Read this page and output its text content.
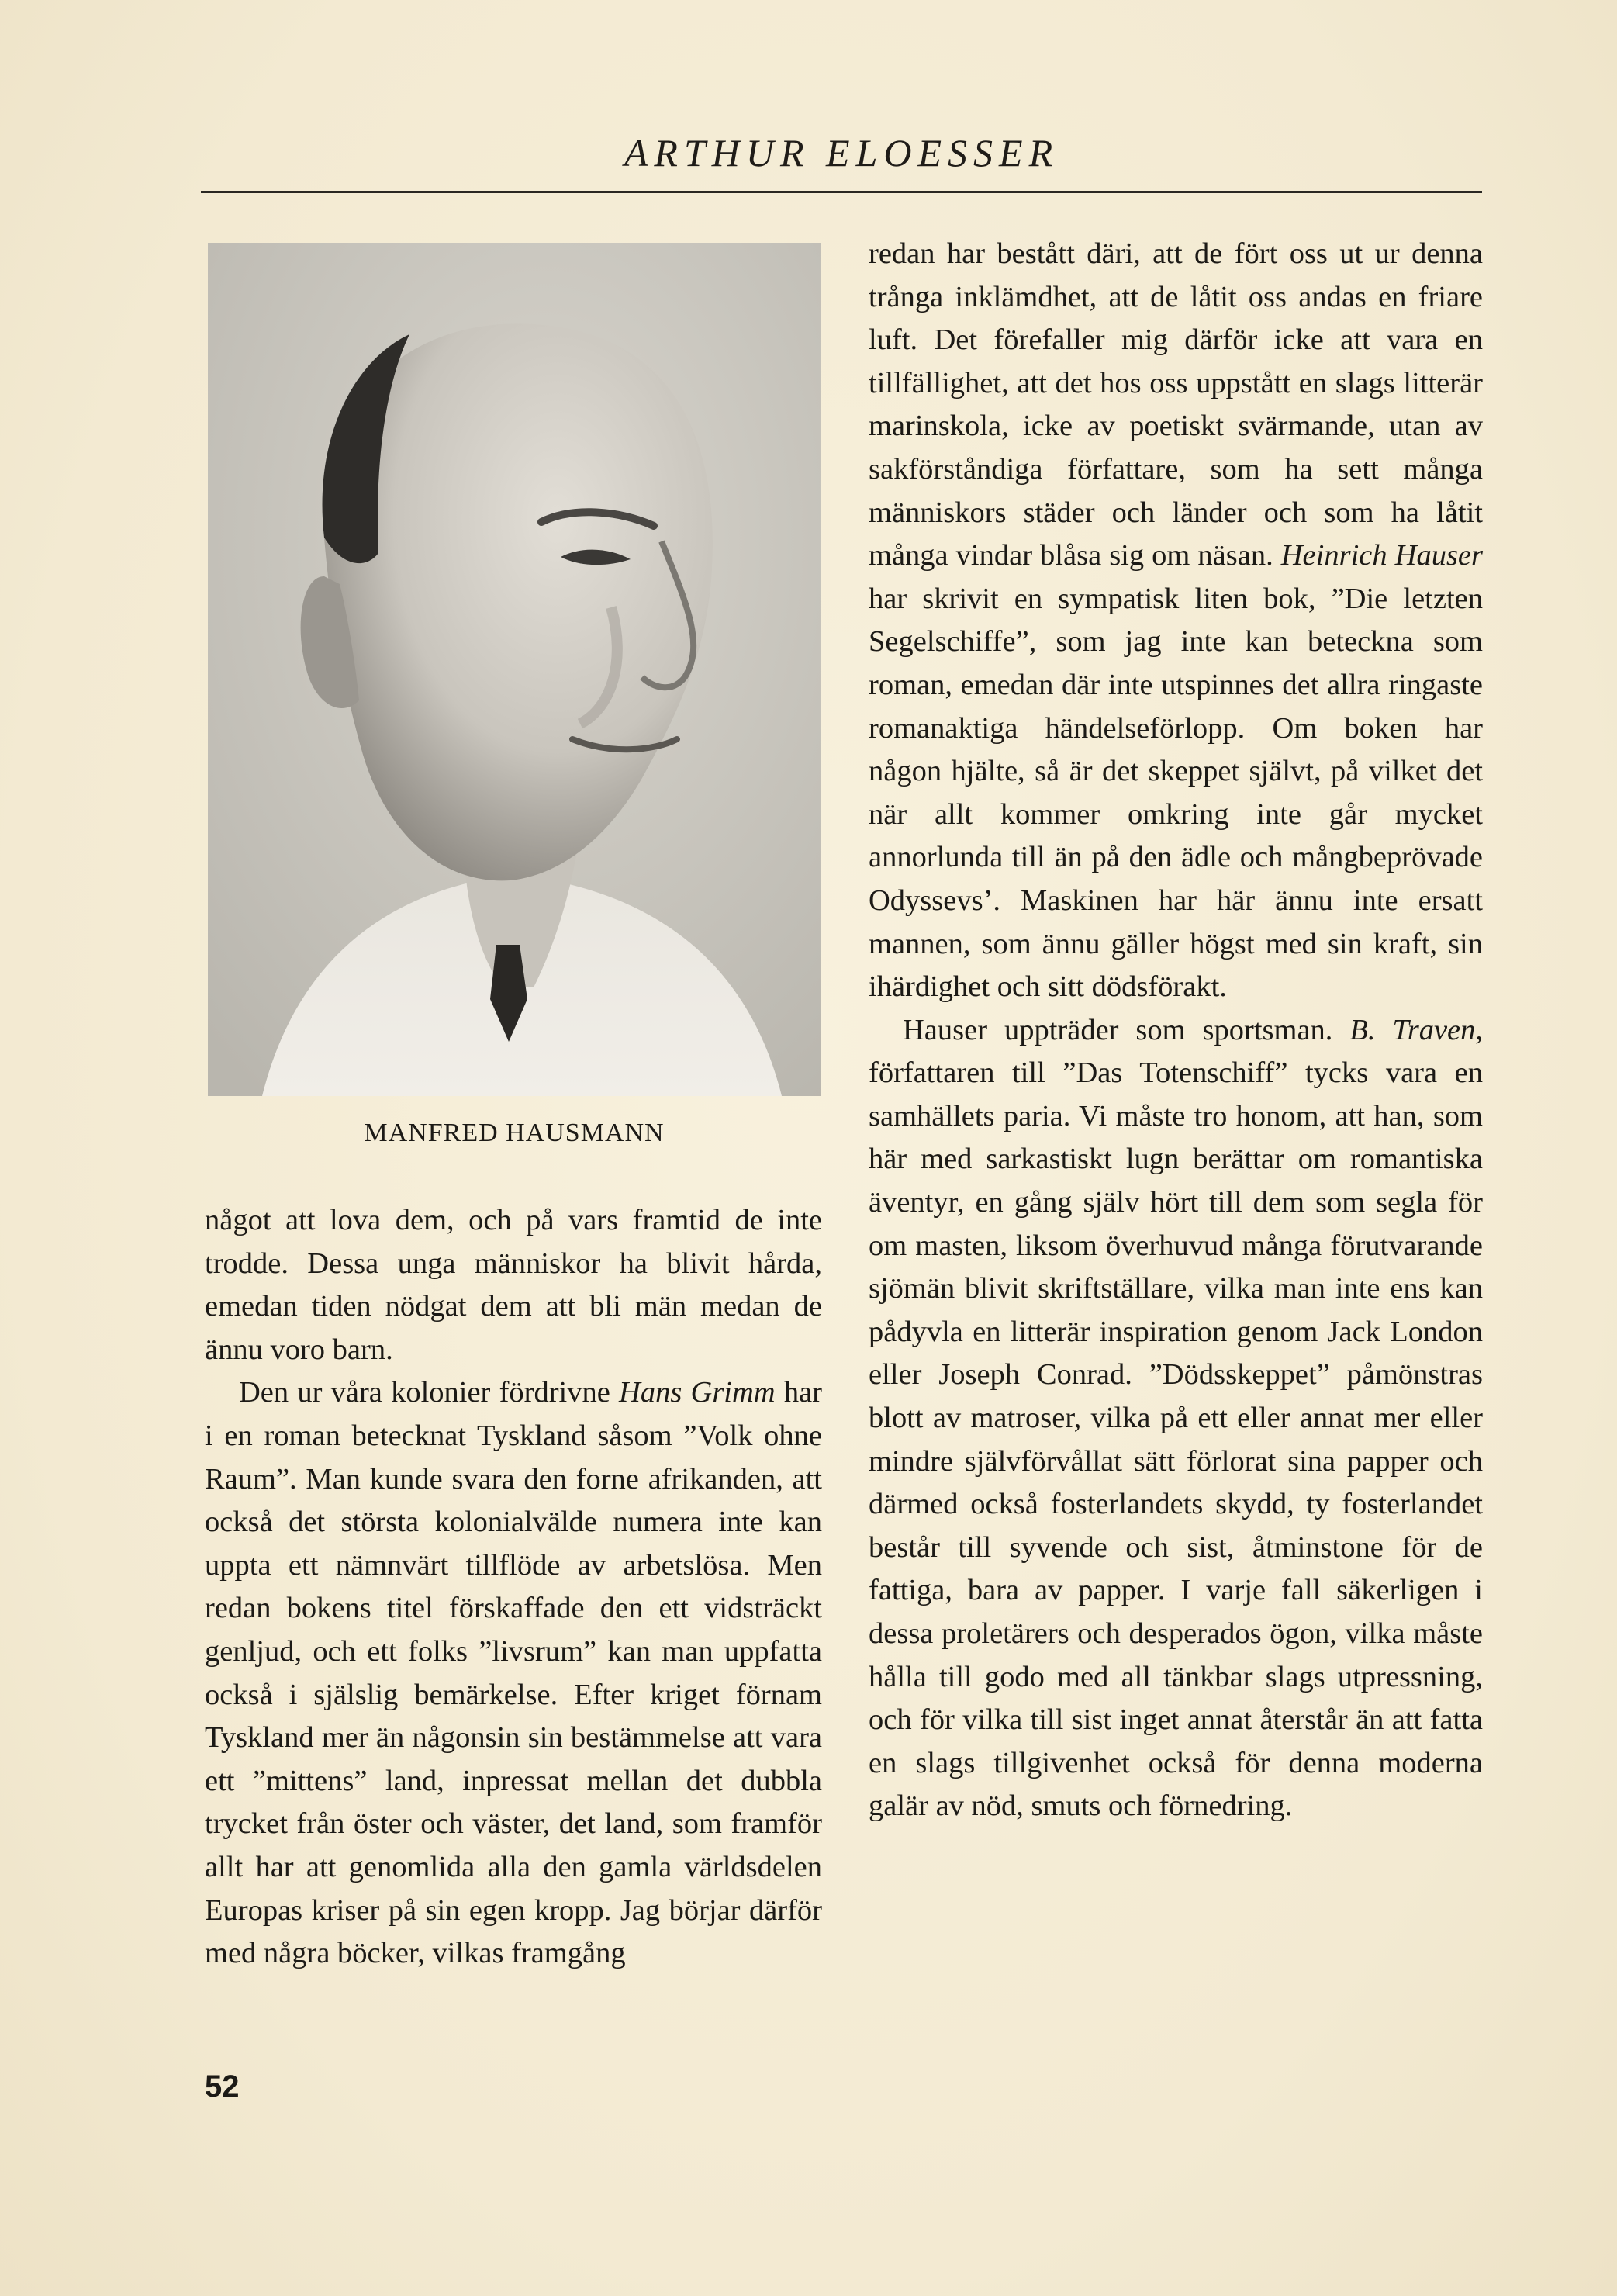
ARTHUR ELOESSER
MANFRED HAUSMANN

något att lova dem, och på vars framtid de inte trodde. Dessa unga människor ha blivit hårda, emedan tiden nödgat dem att bli män medan de ännu voro barn.

Den ur våra kolonier fördrivne Hans Grimm har i en roman betecknat Tyskland såsom ”Volk ohne Raum”. Man kunde svara den forne afrikanden, att också det största kolonialvälde numera inte kan uppta ett nämnvärt tillflöde av arbetslösa. Men redan bokens titel förskaffade den ett vidsträckt genljud, och ett folks ”livsrum” kan man uppfatta också i själslig bemärkelse. Efter kriget förnam Tyskland mer än någonsin sin bestämmelse att vara ett ”mittens” land, inpressat mellan det dubbla trycket från öster och väster, det land, som framför allt har att genomlida alla den gamla världsdelen Europas kriser på sin egen kropp. Jag börjar därför med några böcker, vilkas framgång

redan har bestått däri, att de fört oss ut ur denna trånga inklämdhet, att de låtit oss andas en friare luft. Det förefaller mig därför icke att vara en tillfällighet, att det hos oss uppstått en slags litterär marinskola, icke av poetiskt svärmande, utan av sakförståndiga författare, som ha sett många människors städer och länder och som ha låtit många vindar blåsa sig om näsan. Heinrich Hauser har skrivit en sympatisk liten bok, ”Die letzten Segelschiffe”, som jag inte kan beteckna som roman, emedan där inte utspinnes det allra ringaste romanaktiga händelseförlopp. Om boken har någon hjälte, så är det skeppet självt, på vilket det när allt kommer omkring inte går mycket annorlunda till än på den ädle och mångbeprövade Odyssevs’. Maskinen har här ännu inte ersatt mannen, som ännu gäller högst med sin kraft, sin ihärdighet och sitt dödsförakt.

Hauser uppträder som sportsman. B. Traven, författaren till ”Das Totenschiff” tycks vara en samhällets paria. Vi måste tro honom, att han, som här med sarkastiskt lugn berättar om romantiska äventyr, en gång själv hört till dem som segla för om masten, liksom överhuvud många förutvarande sjömän blivit skriftställare, vilka man inte ens kan pådyvla en litterär inspiration genom Jack London eller Joseph Conrad. ”Dödsskeppet” påmönstras blott av matroser, vilka på ett eller annat mer eller mindre självförvållat sätt förlorat sina papper och därmed också fosterlandets skydd, ty fosterlandet består till syvende och sist, åtminstone för de fattiga, bara av papper. I varje fall säkerligen i dessa proletärers och desperados ögon, vilka måste hålla till godo med all tänkbar slags utpressning, och för vilka till sist inget annat återstår än att fatta en slags tillgivenhet också för denna moderna galär av nöd, smuts och förnedring.

52
